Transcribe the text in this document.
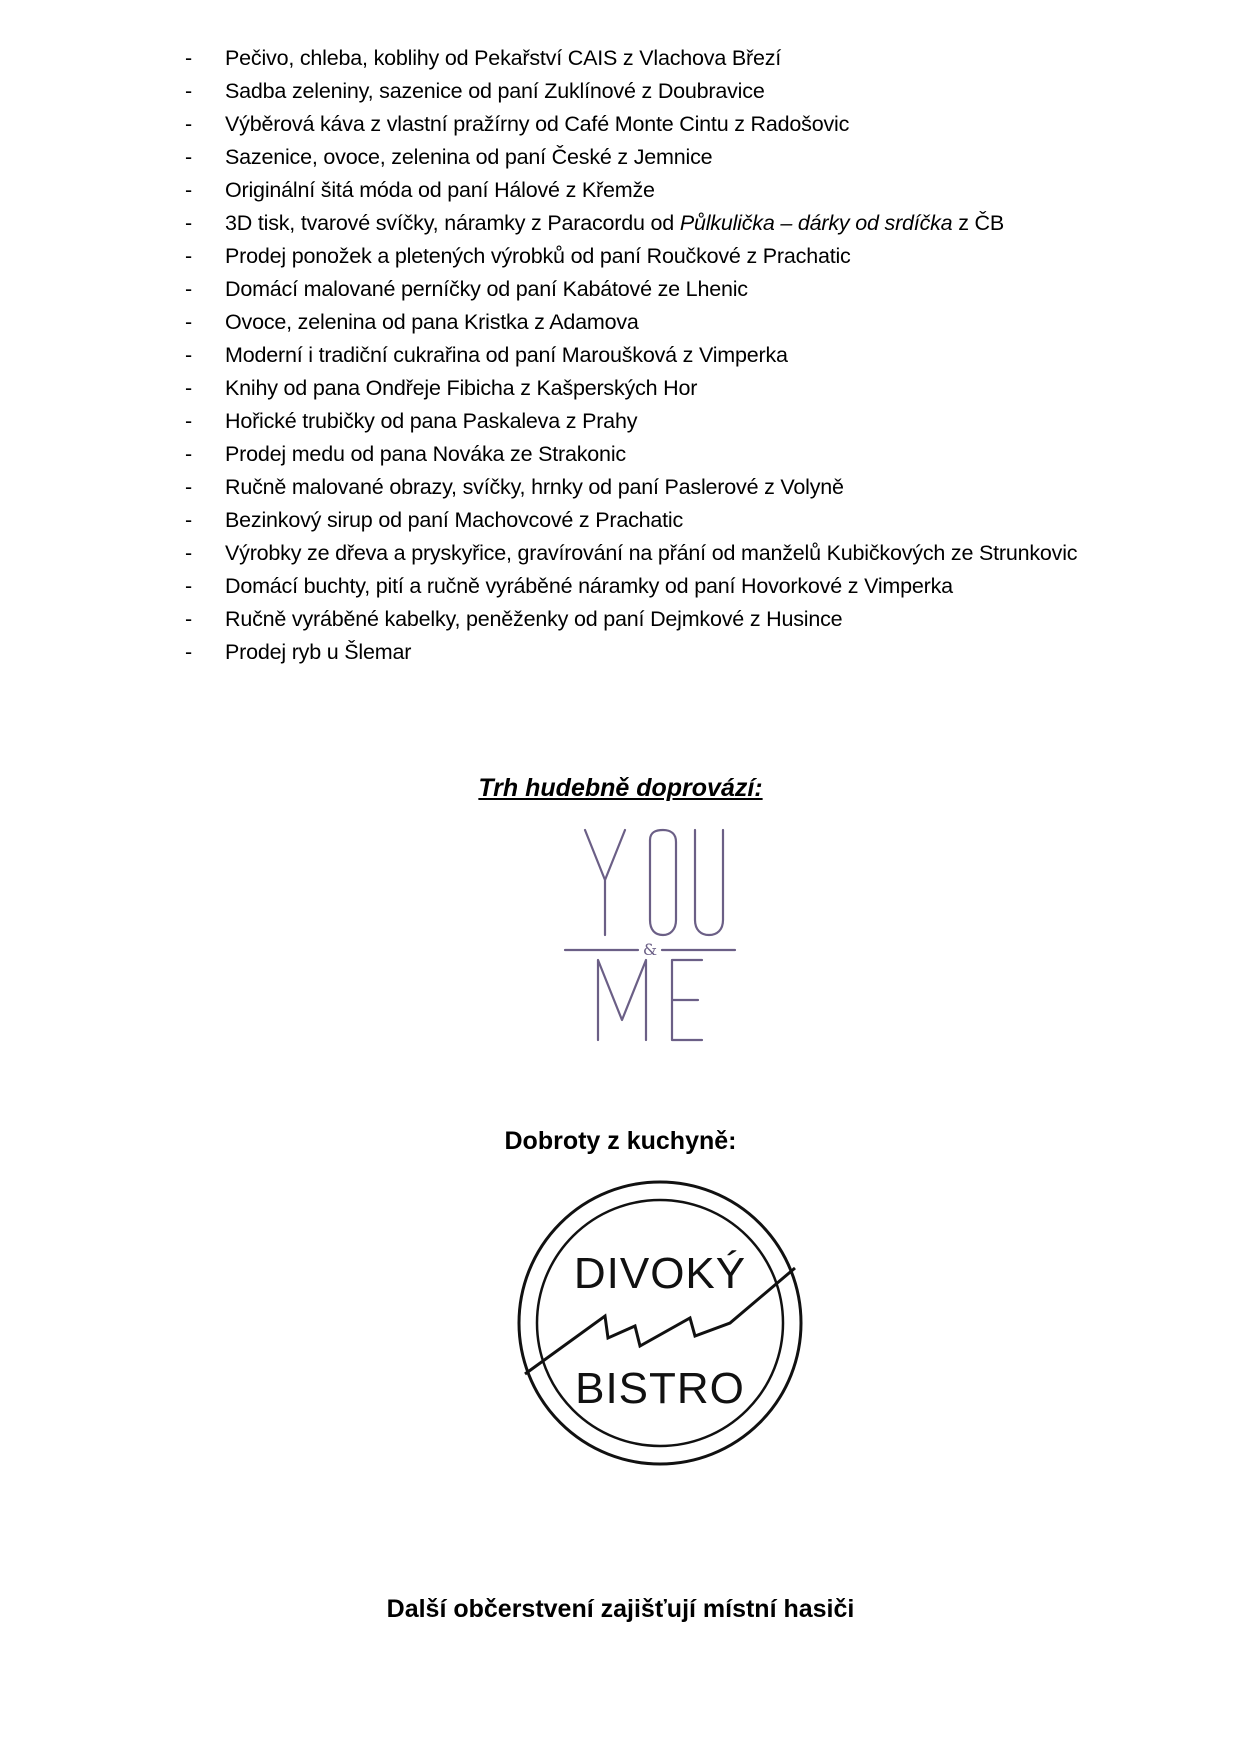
- Pečivo, chleba, koblihy od Pekařství CAIS z Vlachova Březí
- Sadba zeleniny, sazenice od paní Zuklínové z Doubravice
- Výběrová káva z vlastní pražírny od Café Monte Cintu z Radošovic
- Sazenice, ovoce, zelenina od paní České z Jemnice
- Originální šitá móda od paní Hálové z Křemže
- 3D tisk, tvarové svíčky, náramky z Paracordu od Půlkulička – dárky od srdíčka z ČB
- Prodej ponožek a pletených výrobků od paní Roučkové z Prachatic
- Domácí malované perníčky od paní Kabátové ze Lhenic
- Ovoce, zelenina od pana Kristka z Adamova
- Moderní i tradiční cukrařina od paní Maroušková z Vimperka
- Knihy od pana Ondřeje Fibicha z Kašperských Hor
- Hořické trubičky od pana Paskaleva z Prahy
- Prodej medu od pana Nováka ze Strakonic
- Ručně malované obrazy, svíčky, hrnky od paní Paslerové z Volyně
- Bezinkový sirup od paní Machovcové z Prachatic
- Výrobky ze dřeva a pryskyřice, gravírování na přání od manželů Kubičkových ze Strunkovic
- Domácí buchty, pití a ručně vyráběné náramky od paní Hovorkové z Vimperka
- Ručně vyráběné kabelky, peněženky od paní Dejmkové z Husince
- Prodej ryb u Šlemar
Trh hudebně doprovází:
&
Dobroty z kuchyně:
DIVOKÝ
BISTRO
Další občerstvení zajišťují místní hasiči
